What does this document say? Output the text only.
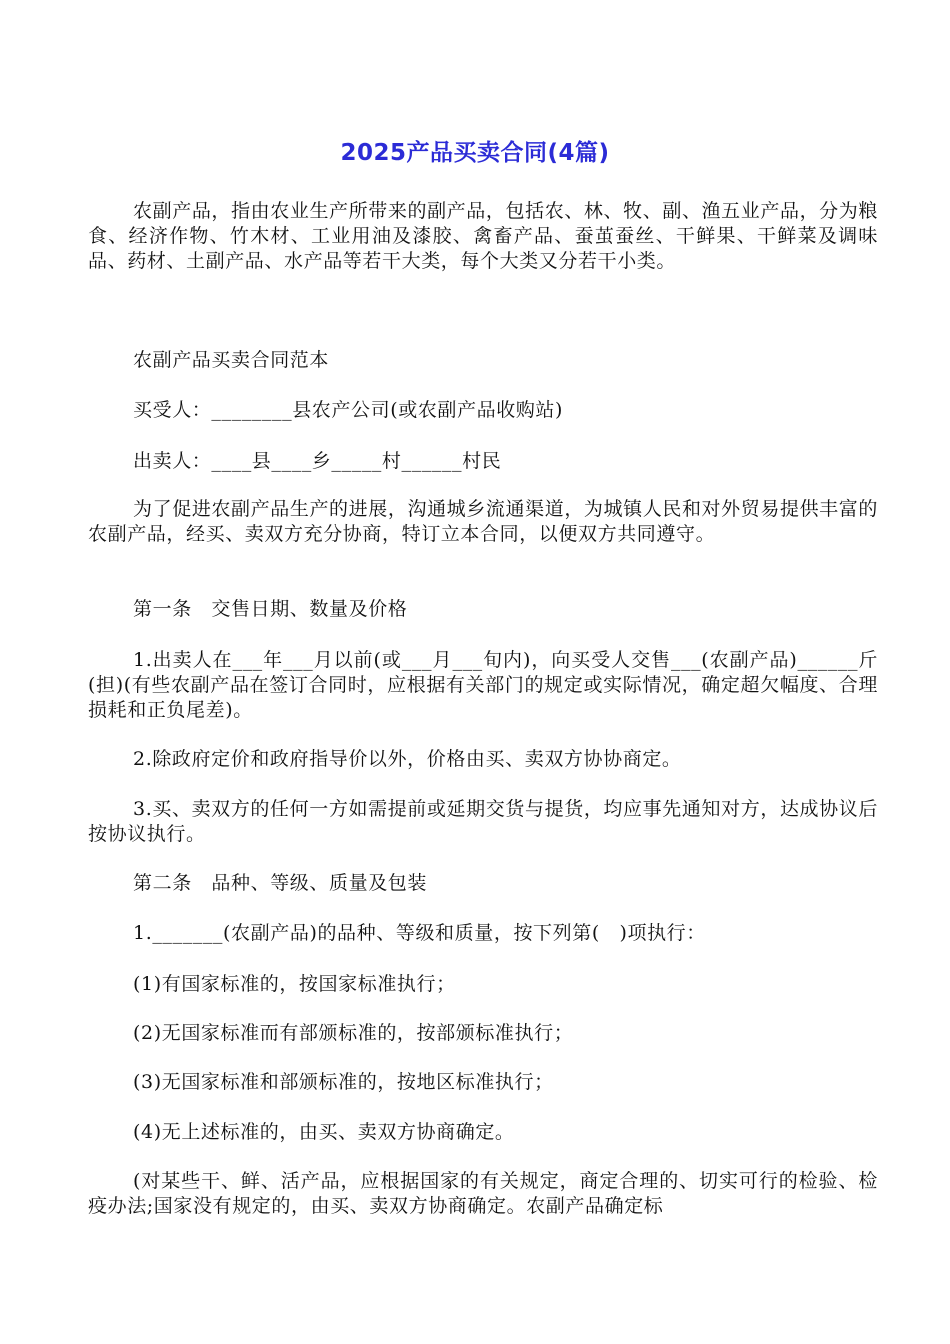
2025产品买卖合同(4篇)
农副产品，指由农业生产所带来的副产品，包括农、林、牧、副、渔五业产品，分为粮食、经济作物、竹木材、工业用油及漆胶、禽畜产品、蚕茧蚕丝、干鲜果、干鲜菜及调味品、药材、土副产品、水产品等若干大类，每个大类又分若干小类。
农副产品买卖合同范本
买受人：________县农产公司(或农副产品收购站)
出卖人：____县____乡_____村______村民
为了促进农副产品生产的进展，沟通城乡流通渠道，为城镇人民和对外贸易提供丰富的农副产品，经买、卖双方充分协商，特订立本合同，以便双方共同遵守。
第一条　交售日期、数量及价格
1.出卖人在___年___月以前(或___月___旬内)，向买受人交售___(农副产品)______斤(担)(有些农副产品在签订合同时，应根据有关部门的规定或实际情况，确定超欠幅度、合理损耗和正负尾差)。
2.除政府定价和政府指导价以外，价格由买、卖双方协协商定。
3.买、卖双方的任何一方如需提前或延期交货与提货，均应事先通知对方，达成协议后按协议执行。
第二条　品种、等级、质量及包装
1._______(农副产品)的品种、等级和质量，按下列第(　)项执行：
(1)有国家标准的，按国家标准执行；
(2)无国家标准而有部颁标准的，按部颁标准执行；
(3)无国家标准和部颁标准的，按地区标准执行；
(4)无上述标准的，由买、卖双方协商确定。
(对某些干、鲜、活产品，应根据国家的有关规定，商定合理的、切实可行的检验、检疫办法;国家没有规定的，由买、卖双方协商确定。农副产品确定标
